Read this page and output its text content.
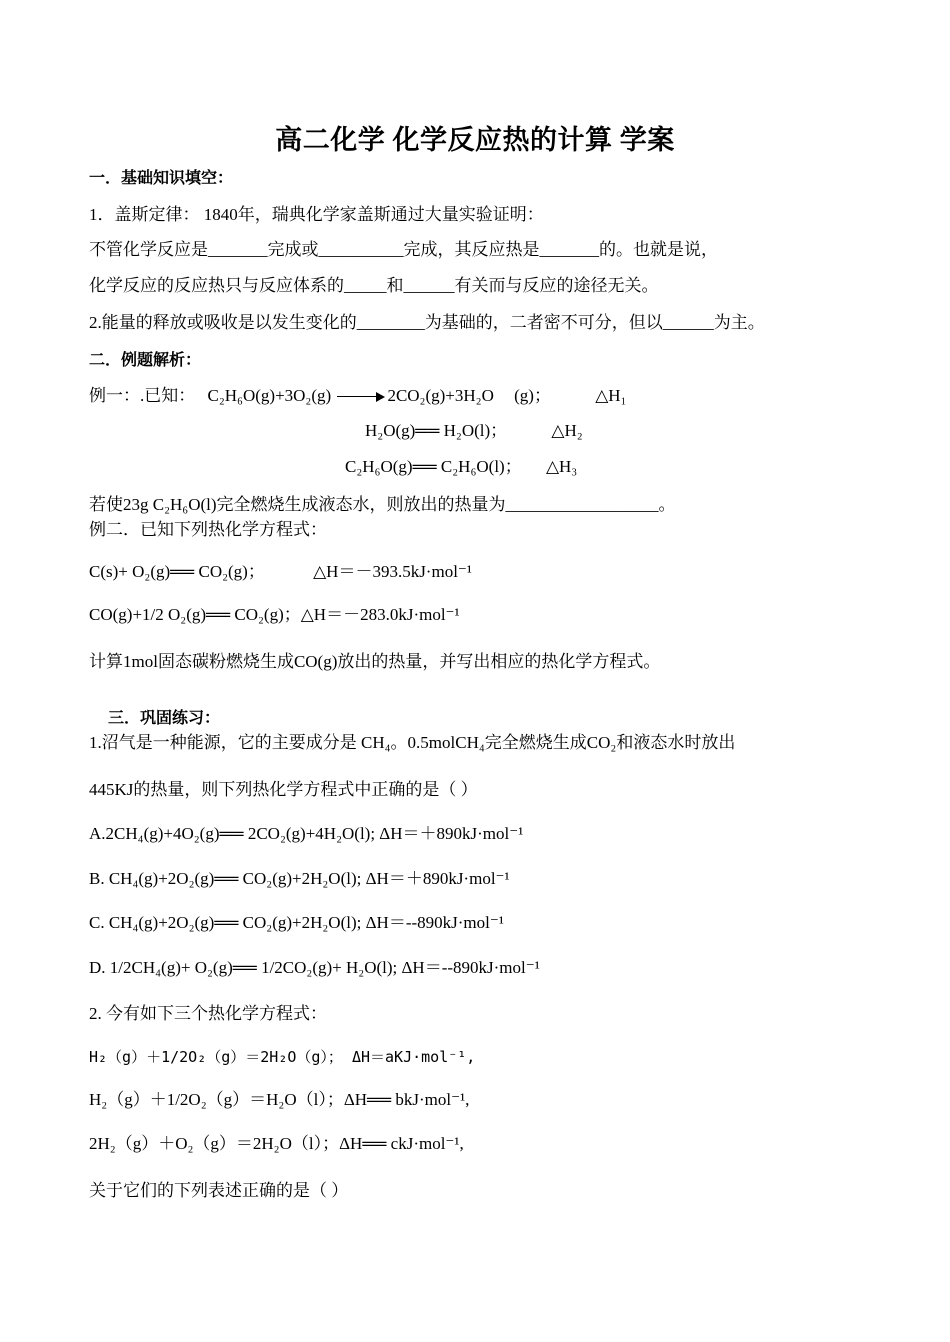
高二化学 化学反应热的计算 学案
一．基础知识填空：
1．盖斯定律： 1840年，瑞典化学家盖斯通过大量实验证明：
不管化学反应是_______完成或__________完成，其反应热是_______的。也就是说，
化学反应的反应热只与反应体系的_____和______有关而与反应的途径无关。
2.能量的释放或吸收是以发生变化的________为基础的，二者密不可分，但以______为主。
二．例题解析：
例一：.已知： C₂H₆O(g)+3O₂(g)	2CO₂(g)+3H₂O (g)；	△H₁
H₂O(g)══ H₂O(l)；	△H₂
C₂H₆O(g)══ C₂H₆O(l)； △H₃
若使23g C₂H₆O(l)完全燃烧生成液态水，则放出的热量为__________________。
例二．已知下列热化学方程式：
C(s)+ O₂(g)══ CO₂(g)；	△H＝－393.5kJ·mol⁻¹
CO(g)+1/2 O₂(g)══ CO₂(g)；△H＝－283.0kJ·mol⁻¹
计算1mol固态碳粉燃烧生成CO(g)放出的热量，并写出相应的热化学方程式。
三．巩固练习：
1.沼气是一种能源，它的主要成分是 CH₄。0.5molCH₄完全燃烧生成CO₂和液态水时放出
445KJ的热量，则下列热化学方程式中正确的是（ ）
A.2CH₄(g)+4O₂(g)══ 2CO₂(g)+4H₂O(l); ΔH＝＋890kJ·mol⁻¹
B. CH₄(g)+2O₂(g)══ CO₂(g)+2H₂O(l); ΔH＝＋890kJ·mol⁻¹
C. CH₄(g)+2O₂(g)══ CO₂(g)+2H₂O(l); ΔH＝--890kJ·mol⁻¹
D. 1/2CH₄(g)+ O₂(g)══ 1/2CO₂(g)+ H₂O(l); ΔH＝--890kJ·mol⁻¹
2. 今有如下三个热化学方程式：
H₂（g）＋1/2O₂（g）＝2H₂O（g）； ΔH＝aKJ·mol⁻¹,
H₂（g）＋1/2O₂（g）＝H₂O（l）；ΔH══ bkJ·mol⁻¹,
2H₂（g）＋O₂（g）＝2H₂O（l）；ΔH══ ckJ·mol⁻¹,
关于它们的下列表述正确的是（ ）
